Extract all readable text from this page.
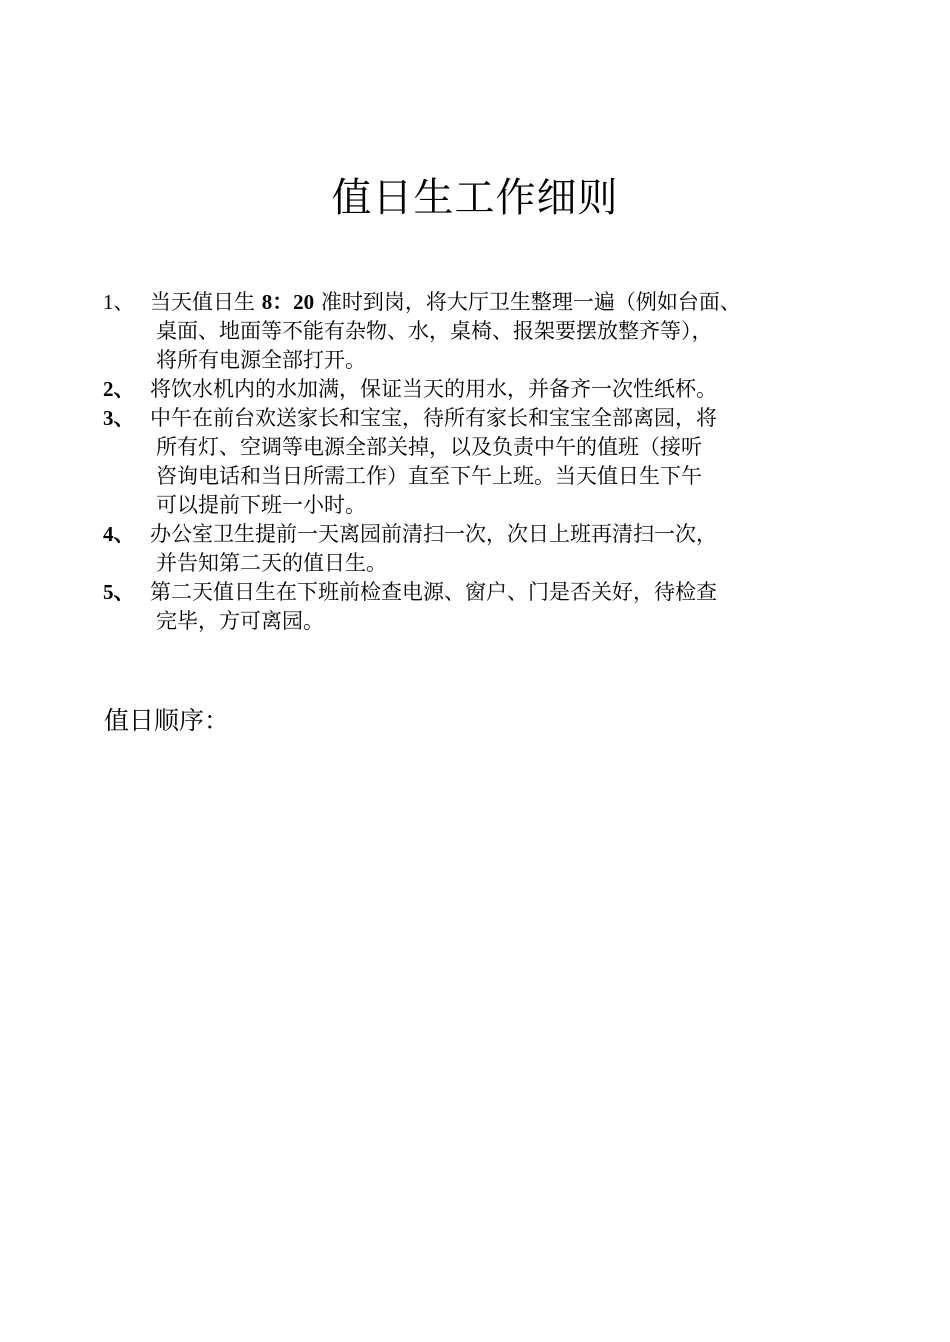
值日生工作细则
1、 当天值日生 8：20 准时到岗，将大厅卫生整理一遍（例如台面、
桌面、地面等不能有杂物、水，桌椅、报架要摆放整齐等），
将所有电源全部打开。
2、 将饮水机内的水加满，保证当天的用水，并备齐一次性纸杯。
3、 中午在前台欢送家长和宝宝，待所有家长和宝宝全部离园，将
所有灯、空调等电源全部关掉，以及负责中午的值班（接听
咨询电话和当日所需工作）直至下午上班。当天值日生下午
可以提前下班一小时。
4、 办公室卫生提前一天离园前清扫一次，次日上班再清扫一次，
并告知第二天的值日生。
5、 第二天值日生在下班前检查电源、窗户、门是否关好，待检查
完毕，方可离园。
值日顺序：
